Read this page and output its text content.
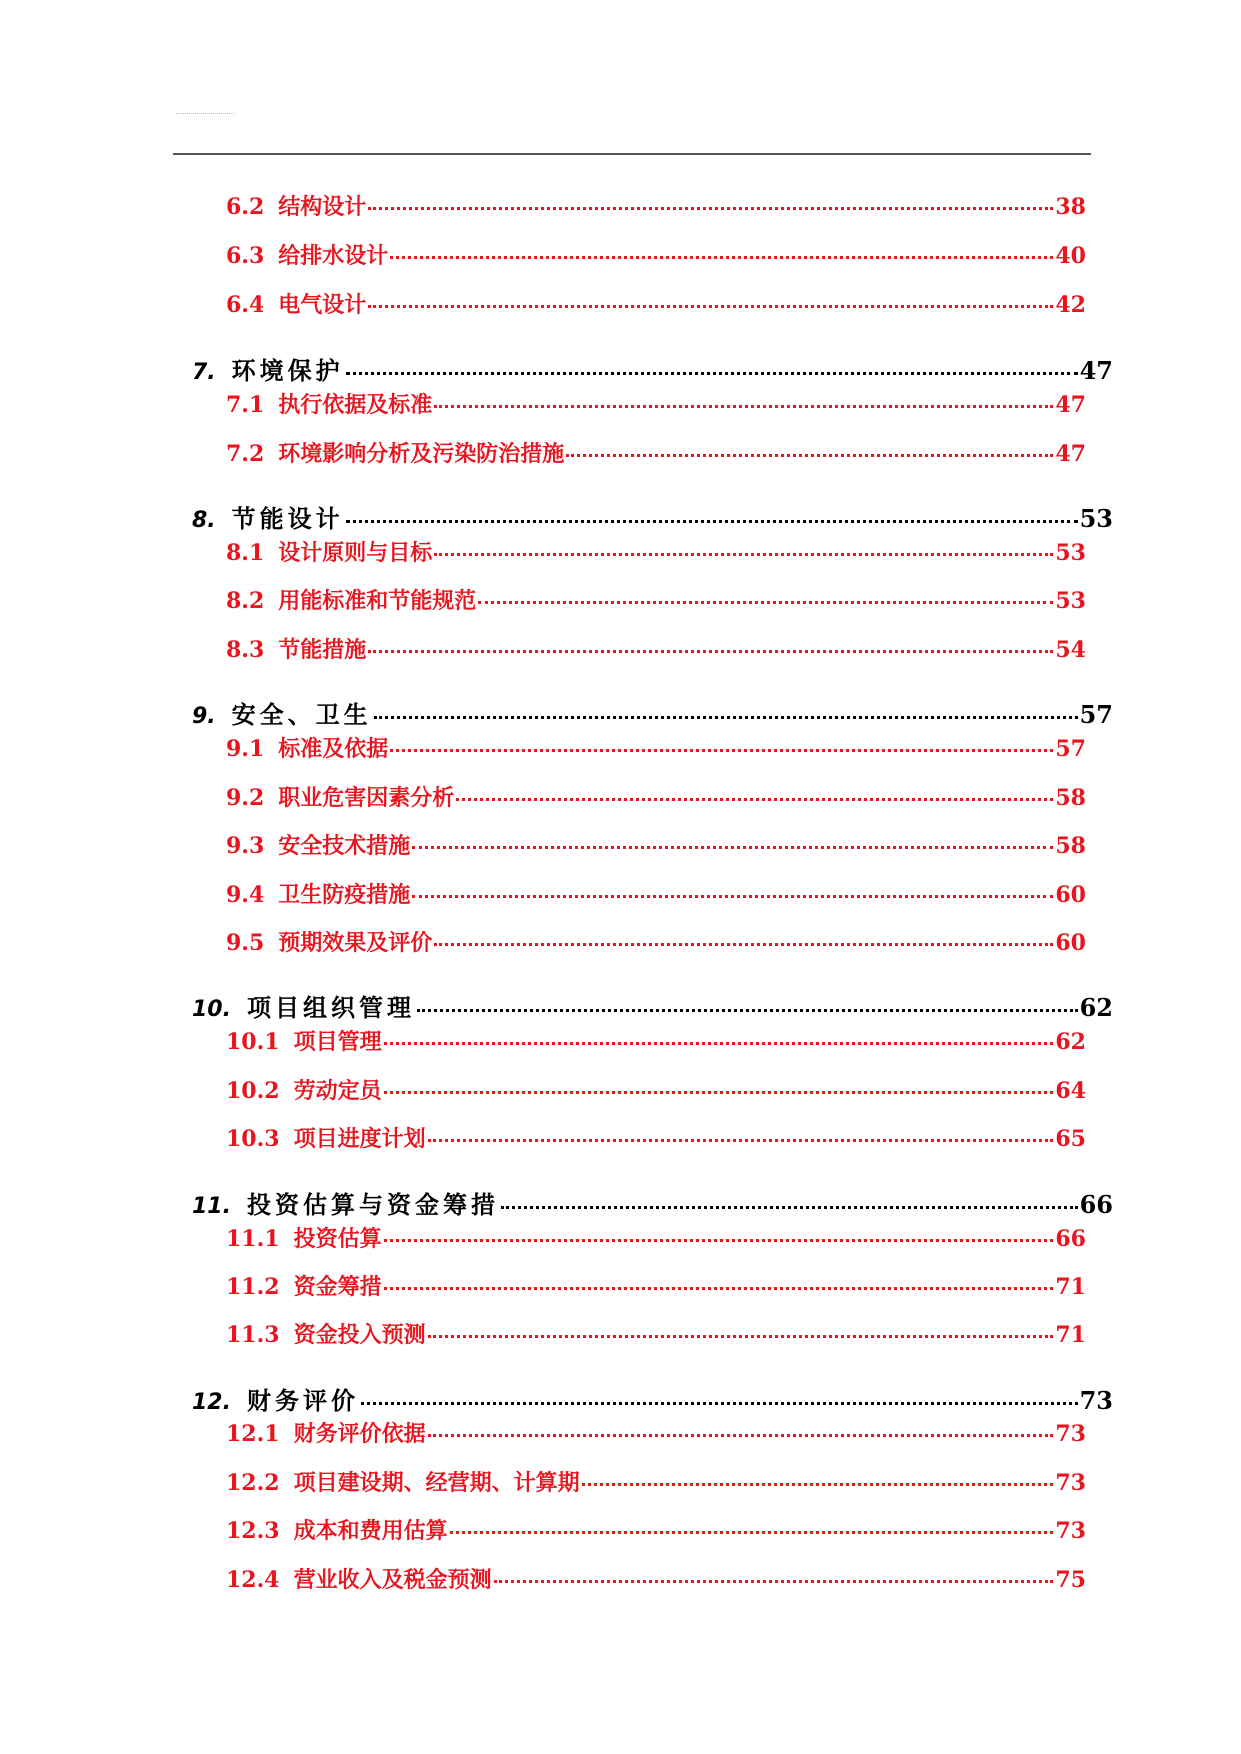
6.2 结构设计	38
6.3 给排水设计	40
6.4 电气设计	42
7. 环境保护	47
7.1 执行依据及标准	47
7.2 环境影响分析及污染防治措施	47
8. 节能设计	53
8.1 设计原则与目标	53
8.2 用能标准和节能规范	53
8.3 节能措施	54
9. 安全、卫生	57
9.1 标准及依据	57
9.2 职业危害因素分析	58
9.3 安全技术措施	58
9.4 卫生防疫措施	60
9.5 预期效果及评价	60
10. 项目组织管理	62
10.1 项目管理	62
10.2 劳动定员	64
10.3 项目进度计划	65
11. 投资估算与资金筹措	66
11.1 投资估算	66
11.2 资金筹措	71
11.3 资金投入预测	71
12. 财务评价	73
12.1 财务评价依据	73
12.2 项目建设期、经营期、计算期	73
12.3 成本和费用估算	73
12.4 营业收入及税金预测	75
